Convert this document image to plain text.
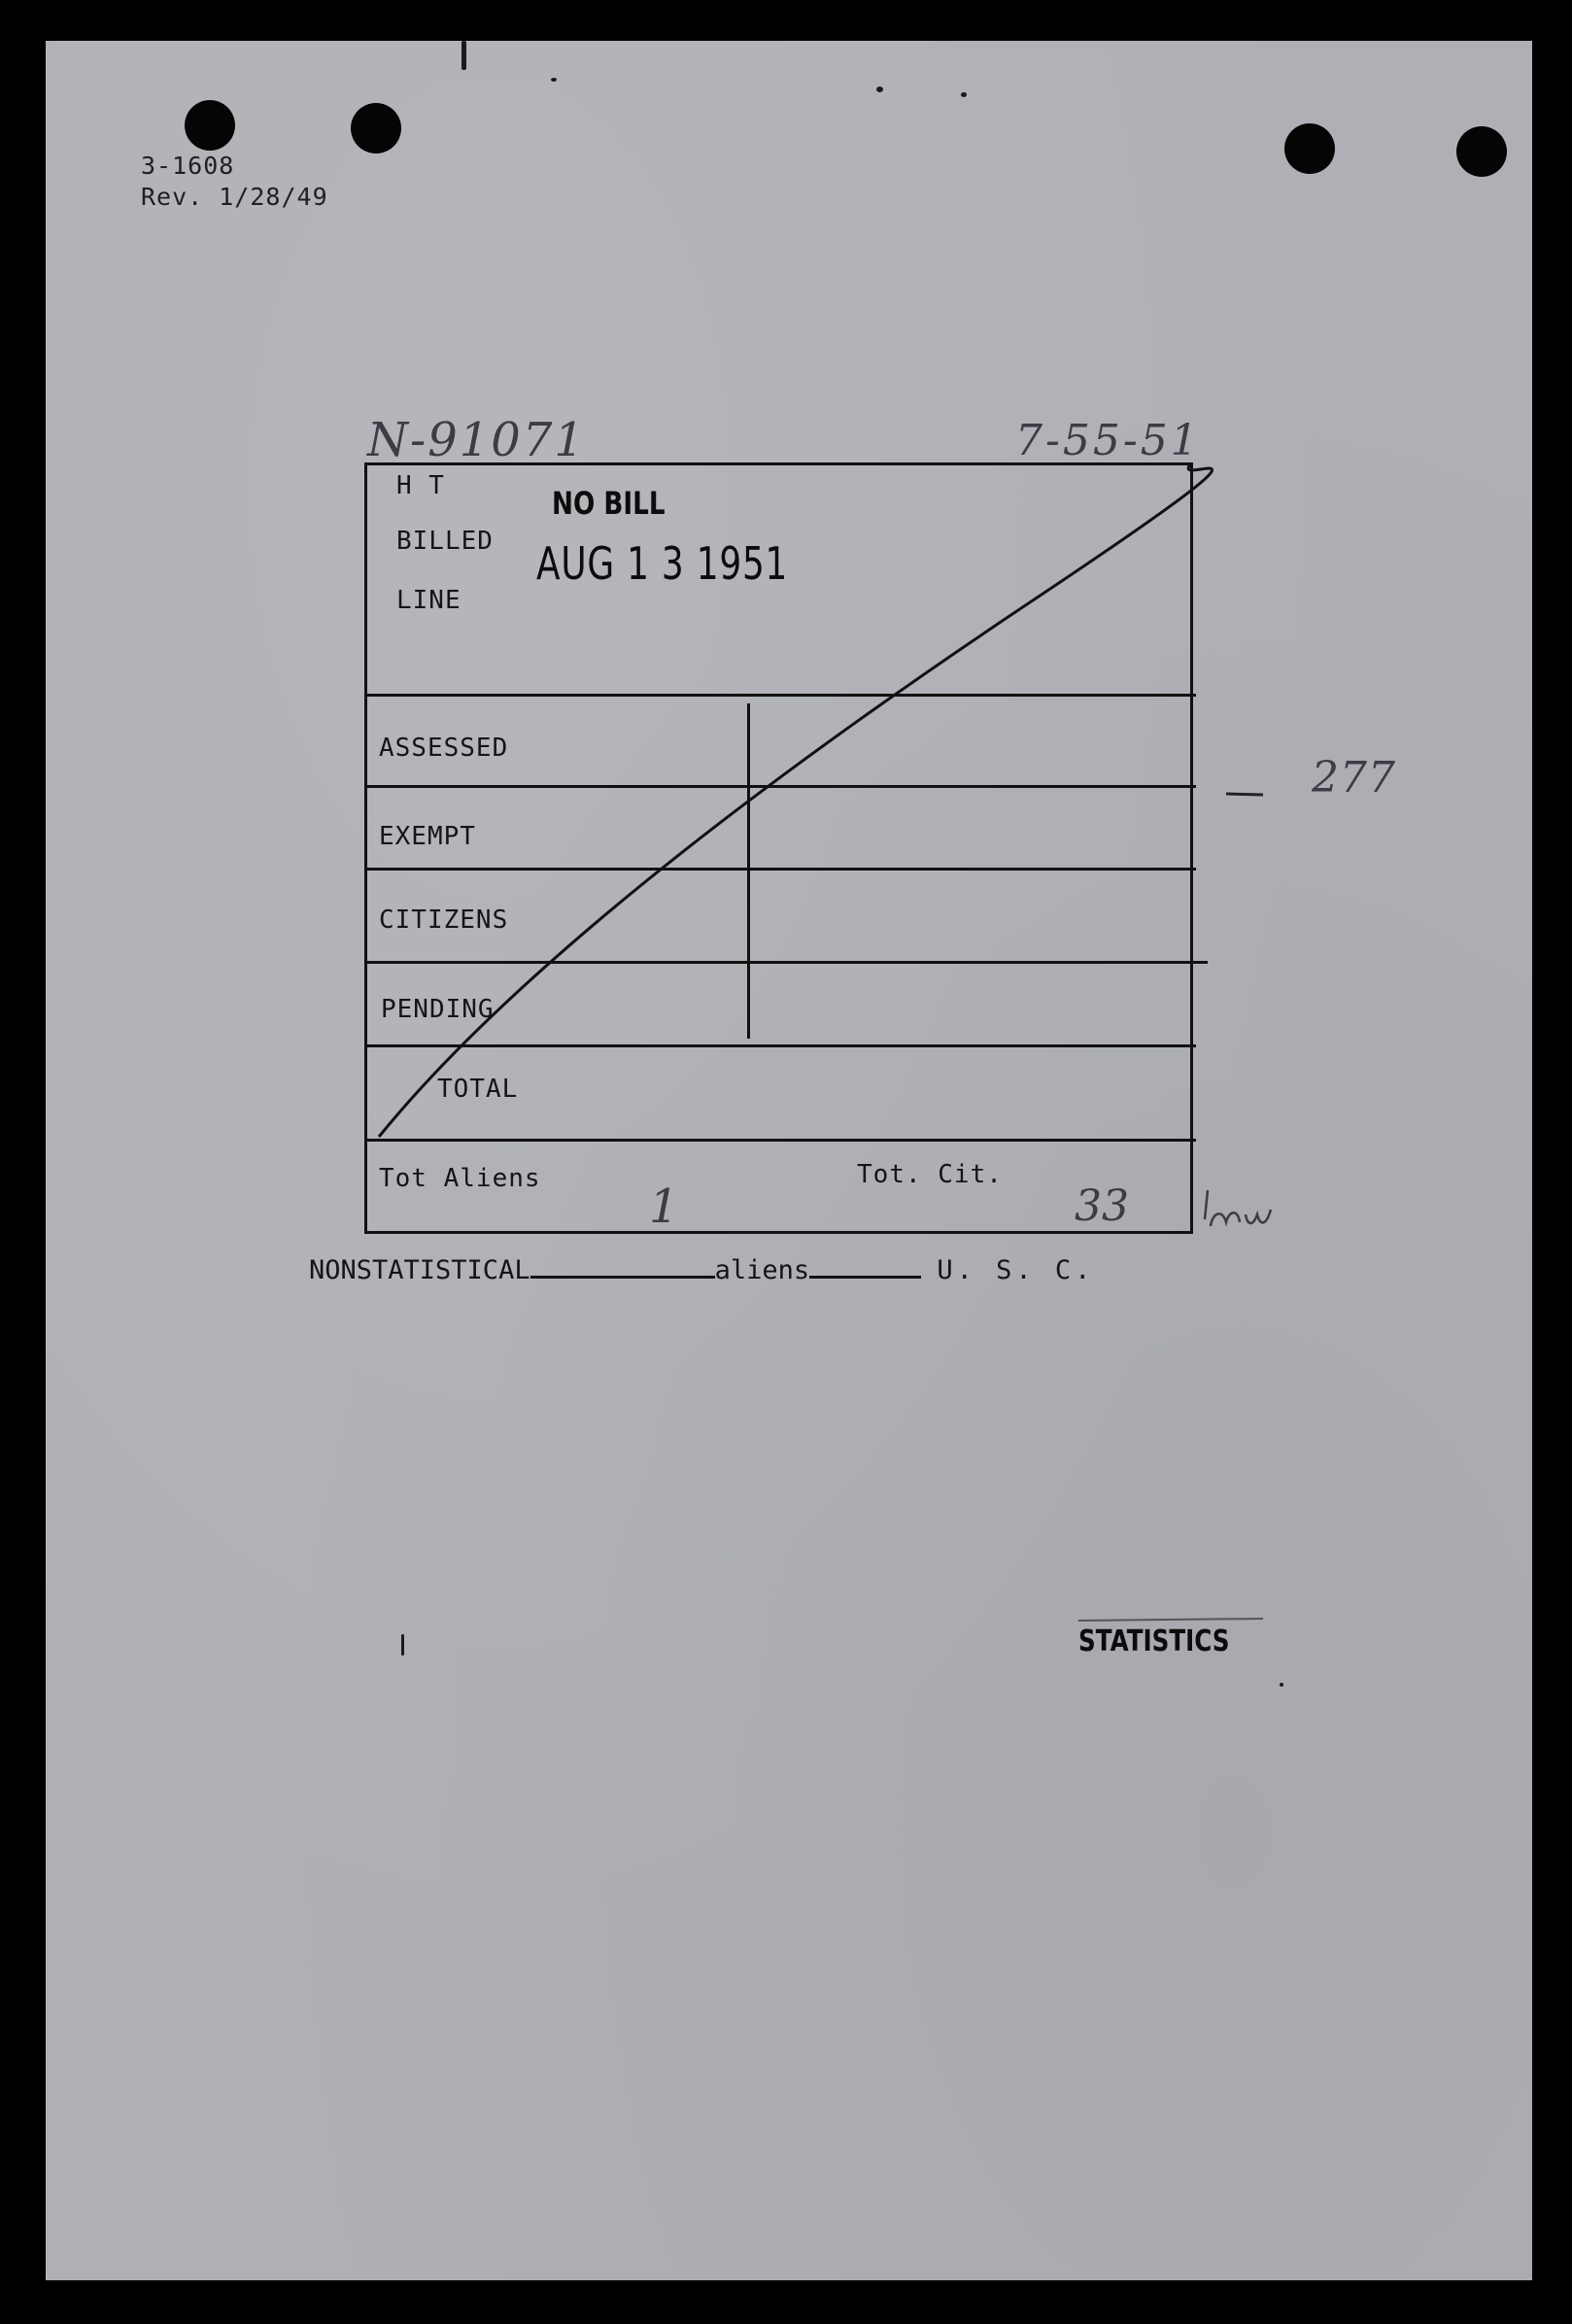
3-1608
Rev. 1/28/49
N-91071	7-55-51
H T
BILLED
LINE
NO BILL
AUG 1 3 1951
ASSESSED
EXEMPT
CITIZENS
PENDING
TOTAL
Tot Aliens	Tot. Cit.
1	33
277
NONSTATISTICAL	aliens	U. S. C.
STATISTICS
